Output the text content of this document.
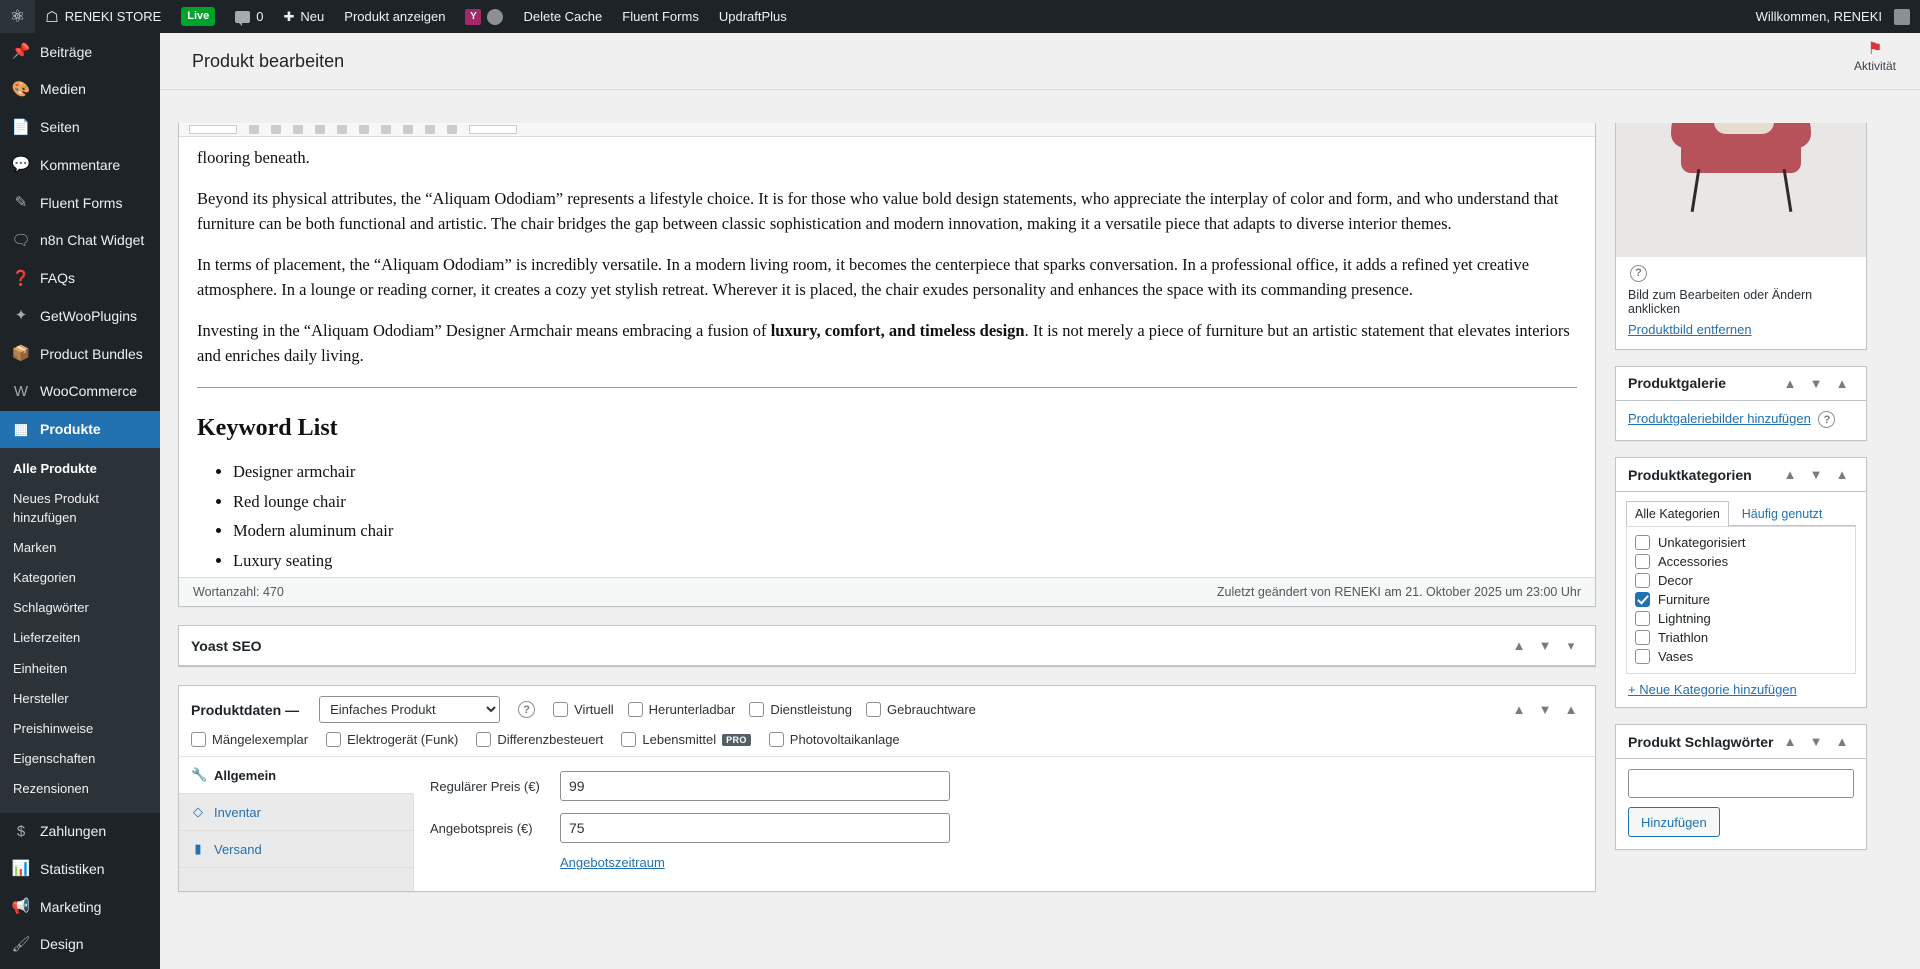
⚛ ☖ RENEKI STORE	Live	0 ✚ Neu Produkt anzeigen	Y	Delete Cache Fluent Forms UpdraftPlus	Willkommen, RENEKI
📌 Beiträge
🎨 Medien
📄 Seiten
💬 Kommentare
✎ Fluent Forms
🗨 n8n Chat Widget
❓ FAQs
✦ GetWooPlugins
📦 Product Bundles
W WooCommerce
▦ Produkte
Alle Produkte
Neues Produkt hinzufügen
Marken
Kategorien
Schlagwörter
Lieferzeiten
Einheiten
Hersteller
Preishinweise
Eigenschaften
Rezensionen
$	Zahlungen
📊 Statistiken
📢 Marketing
🖌 Design
Produkt bearbeiten
⚑
Aktivität

flooring beneath.

Beyond its physical attributes, the “Aliquam Ododiam” represents a lifestyle choice. It is for those who value bold design statements, who appreciate the interplay of color and form, and who understand that furniture can be both functional and artistic. The chair bridges the gap between classic sophistication and modern innovation, making it a versatile piece that adapts to diverse interior themes.

In terms of placement, the “Aliquam Ododiam” is incredibly versatile. In a modern living room, it becomes the centerpiece that sparks conversation. In a professional office, it adds a refined yet creative atmosphere. In a lounge or reading corner, it creates a cozy yet stylish retreat. Wherever it is placed, the chair exudes personality and enhances the space with its commanding presence.

Investing in the “Aliquam Ododiam” Designer Armchair means embracing a fusion of luxury, comfort, and timeless design. It is not merely a piece of furniture but an artistic statement that elevates interiors and enriches daily living.

Keyword List
• Designer armchair
• Red lounge chair
• Modern aluminum chair
• Luxury seating
Wortanzahl: 470	Zuletzt geändert von RENEKI am 21. Oktober 2025 um 23:00 Uhr
Yoast SEO	▲	▼	▾
Produktdaten —
Einfaches Produkt	?	Virtuell	Herunterladbar	Dienstleistung	Gebrauchtware	▲	▼	▲
Mängelexemplar	Elektrogerät (Funk)	Differenzbesteuert	Lebensmittel	PRO	Photovoltaikanlage
🔧 Allgemein
◇ Inventar
▮ Versand
Regulärer Preis (€)
99
Angebotspreis (€)
75
Angebotszeitraum
?
Bild zum Bearbeiten oder Ändern anklicken
Produktbild entfernen
Produktgalerie	▲	▼	▲
Produktgaleriebilder hinzufügen ?
Produktkategorien	▲	▼	▲
Alle Kategorien	Häufig genutzt
Unkategorisiert
Accessories
Decor
Furniture
Lightning
Triathlon
Vases
+ Neue Kategorie hinzufügen
Produkt Schlagwörter ▲	▼	▲
Hinzufügen
